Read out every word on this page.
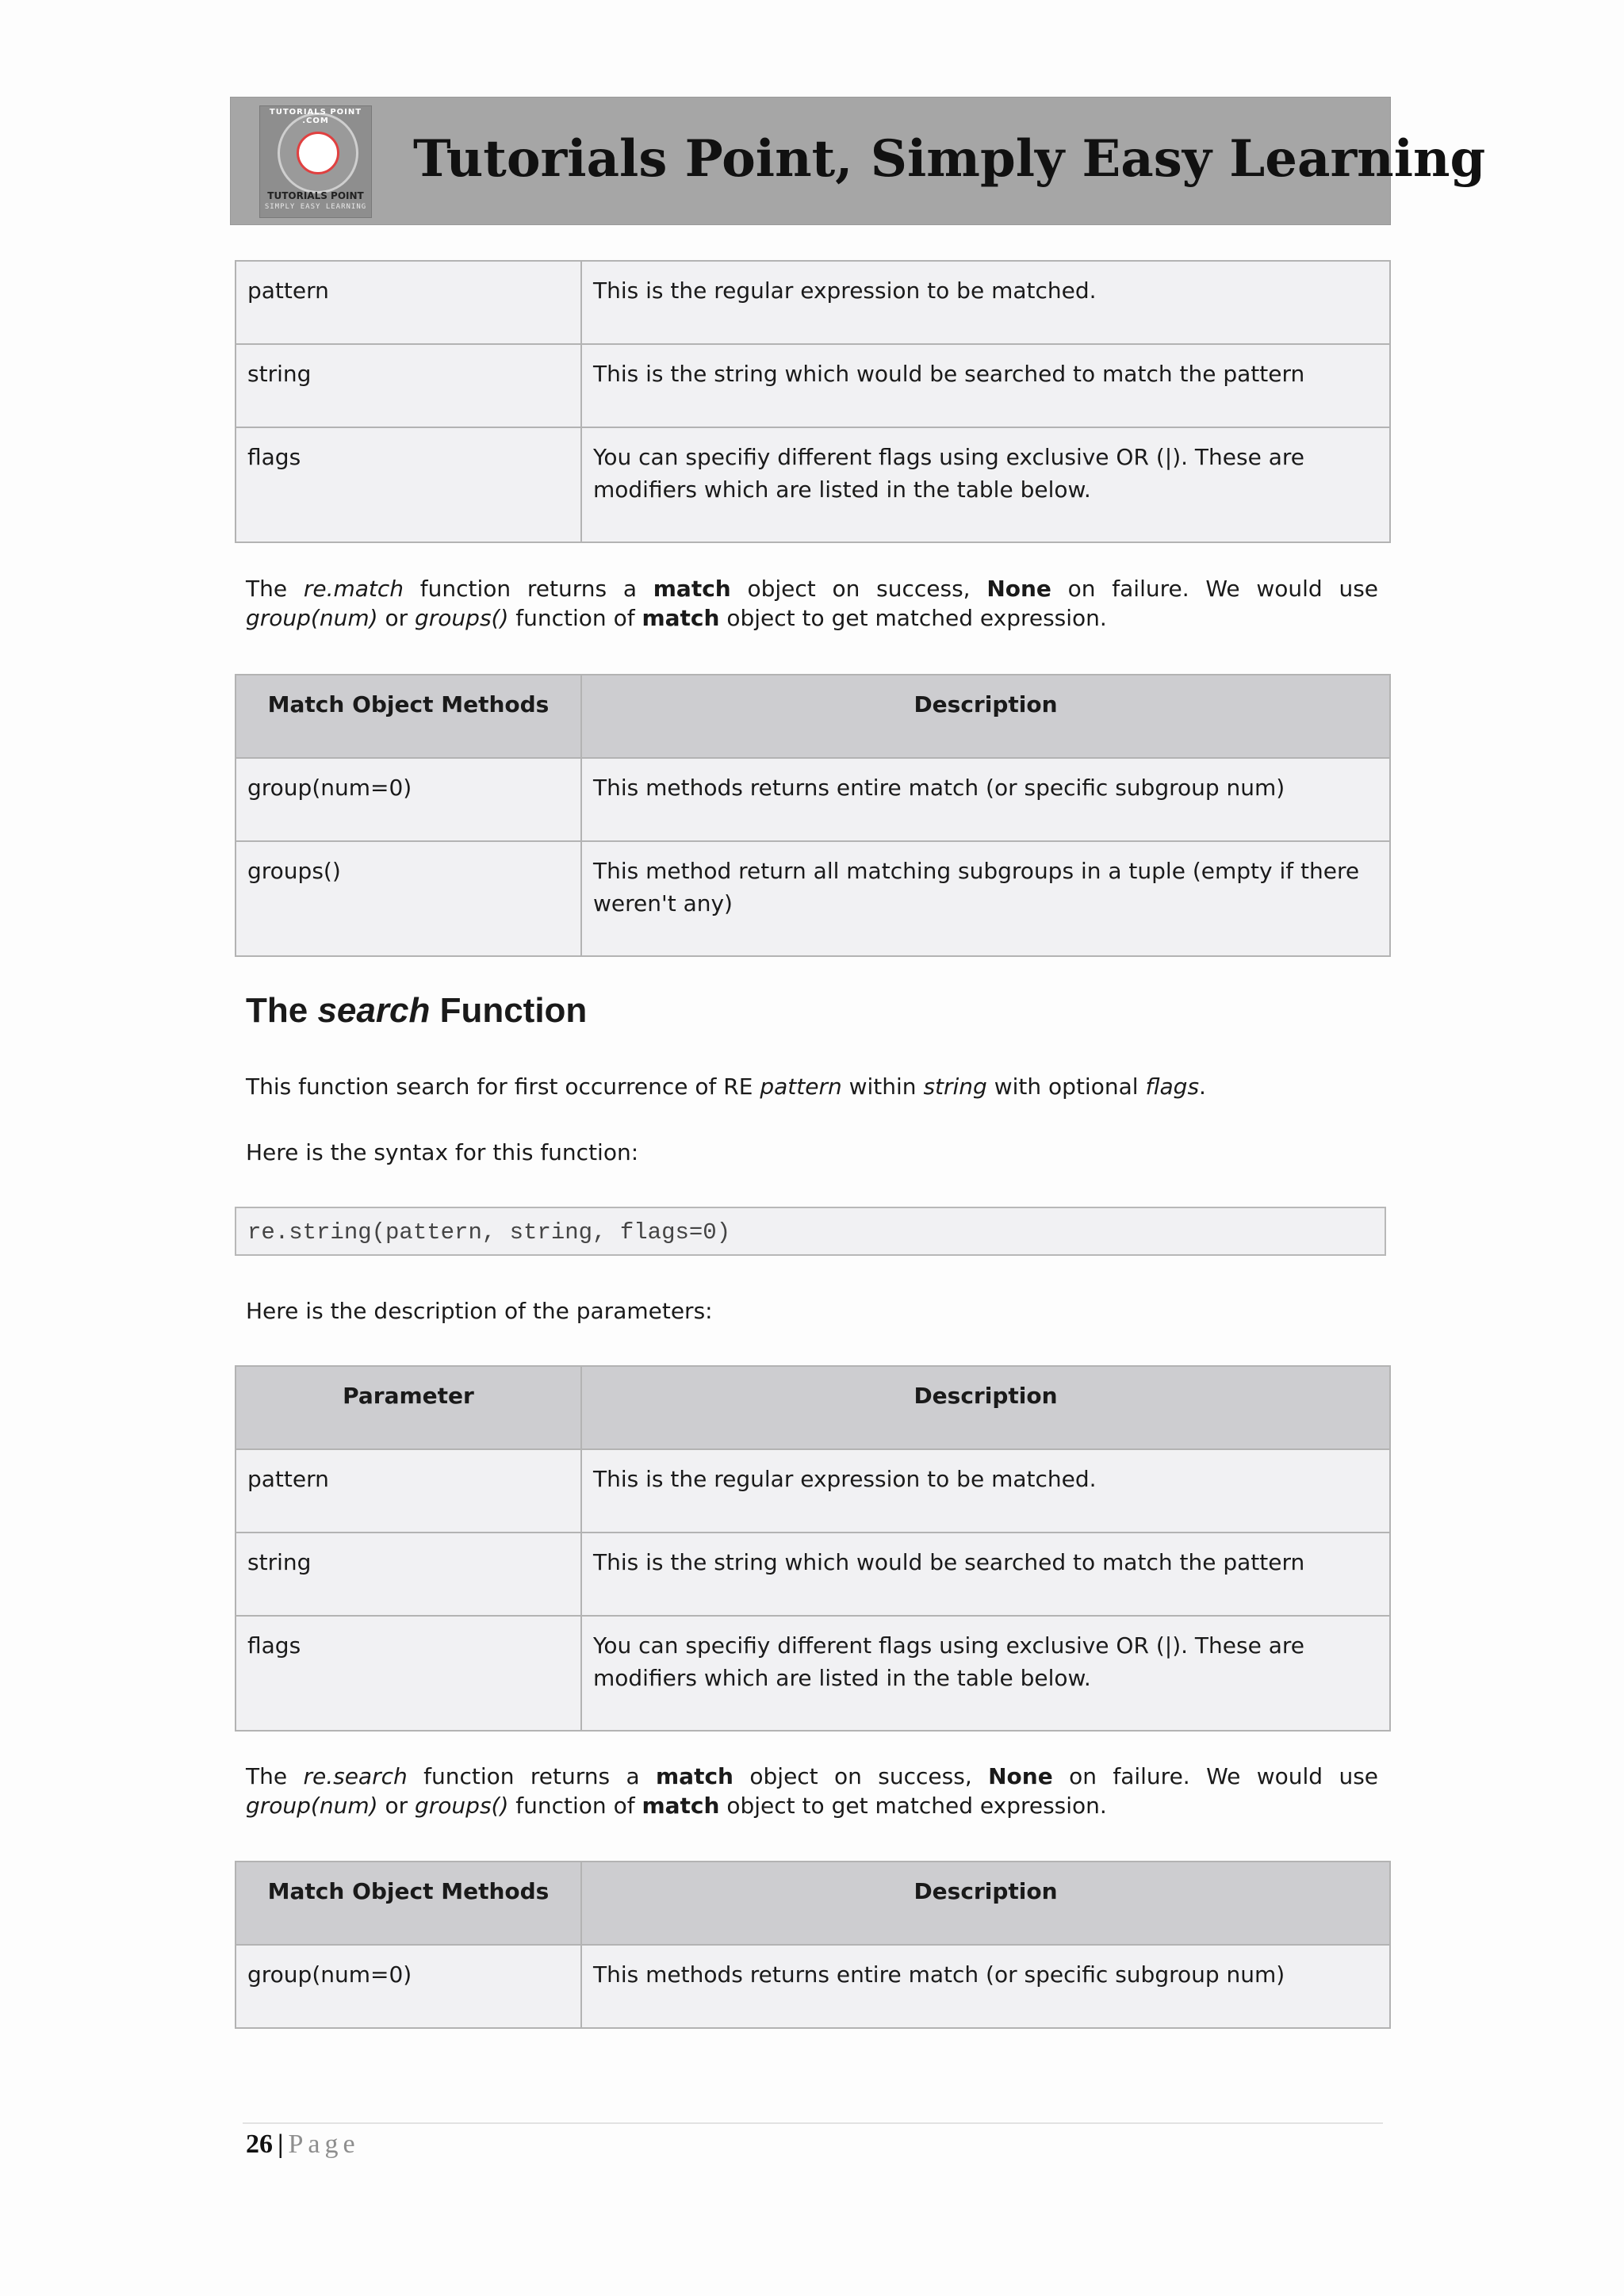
TUTORIALS POINT .COM
TUTORIALS POINT
SIMPLY EASY LEARNING
Tutorials Point, Simply Easy Learning
pattern	This is the regular expression to be matched.
string	This is the string which would be searched to match the pattern
flags	You can specifiy different flags using exclusive OR (|). These are modifiers which are listed in the table below.
The re.match function returns a match object on success, None on failure. We would use group(num) or groups() function of match object to get matched expression.
Match Object Methods	Description
group(num=0)	This methods returns entire match (or specific subgroup num)
groups()	This method return all matching subgroups in a tuple (empty if there weren't any)
The search Function
This function search for first occurrence of RE pattern within string with optional flags.
Here is the syntax for this function:
re.string(pattern, string, flags=0)
Here is the description of the parameters:
Parameter	Description
pattern	This is the regular expression to be matched.
string	This is the string which would be searched to match the pattern
flags	You can specifiy different flags using exclusive OR (|). These are modifiers which are listed in the table below.
The re.search function returns a match object on success, None on failure. We would use group(num) or groups() function of match object to get matched expression.
Match Object Methods	Description
group(num=0)	This methods returns entire match (or specific subgroup num)
26 | Page
